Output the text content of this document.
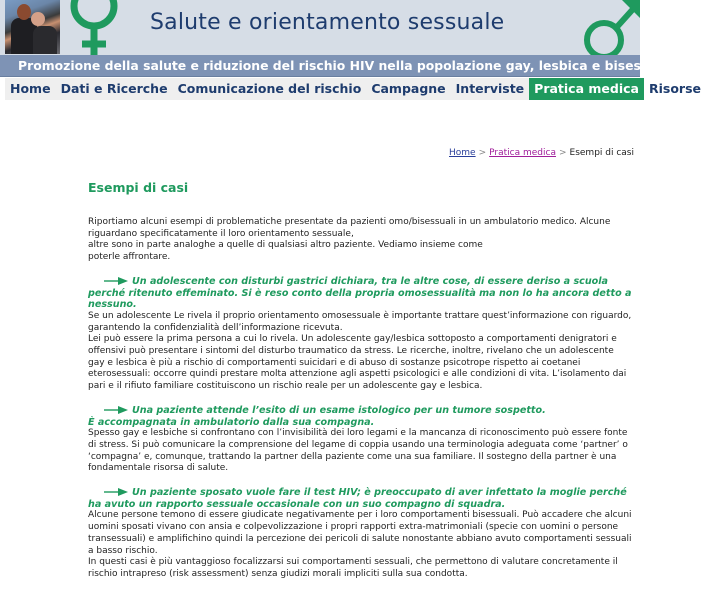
Salute e orientamento sessuale
Promozione della salute e riduzione del rischio HIV nella popolazione gay, lesbica e bisessuale
Home Dati e Ricerche Comunicazione del rischio Campagne Interviste Pratica medica Risorse
Home > Pratica medica > Esempi di casi
Esempi di casi
Riportiamo alcuni esempi di problematiche presentate da pazienti omo/bisessuali in un ambulatorio medico. Alcune riguardano specificatamente il loro orientamento sessuale,
altre sono in parte analoghe a quelle di qualsiasi altro paziente. Vediamo insieme come
poterle affrontare.
Un adolescente con disturbi gastrici dichiara, tra le altre cose, di essere deriso a scuola perché ritenuto effeminato. Si è reso conto della propria omosessualità ma non lo ha ancora detto a nessuno.

Se un adolescente Le rivela il proprio orientamento omosessuale è importante trattare quest’informazione con riguardo, garantendo la confidenzialità dell’informazione ricevuta.

Lei può essere la prima persona a cui lo rivela. Un adolescente gay/lesbica sottoposto a comportamenti denigratori e offensivi può presentare i sintomi del disturbo traumatico da stress. Le ricerche, inoltre, rivelano che un adolescente gay e lesbica è più a rischio di comportamenti suicidari e di abuso di sostanze psicotrope rispetto ai coetanei eterosessuali: occorre quindi prestare molta attenzione agli aspetti psicologici e alle condizioni di vita. L’isolamento dai pari e il rifiuto familiare costituiscono un rischio reale per un adolescente gay e lesbica.

Una paziente attende l’esito di un esame istologico per un tumore sospetto.
È accompagnata in ambulatorio dalla sua compagna.

Spesso gay e lesbiche si confrontano con l’invisibilità dei loro legami e la mancanza di riconoscimento può essere fonte di stress. Si può comunicare la comprensione del legame di coppia usando una terminologia adeguata come ‘partner’ o ‘compagna’ e, comunque, trattando la partner della paziente come una sua familiare. Il sostegno della partner è una fondamentale risorsa di salute.

Un paziente sposato vuole fare il test HIV; è preoccupato di aver infettato la moglie perché ha avuto un rapporto sessuale occasionale con un suo compagno di squadra.

Alcune persone temono di essere giudicate negativamente per i loro comportamenti bisessuali. Può accadere che alcuni uomini sposati vivano con ansia e colpevolizzazione i propri rapporti extra-matrimoniali (specie con uomini o persone transessuali) e amplifichino quindi la percezione dei pericoli di salute nonostante abbiano avuto comportamenti sessuali a basso rischio.

In questi casi è più vantaggioso focalizzarsi sui comportamenti sessuali, che permettono di valutare concretamente il rischio intrapreso (risk assessment) senza giudizi morali impliciti sulla sua condotta.
